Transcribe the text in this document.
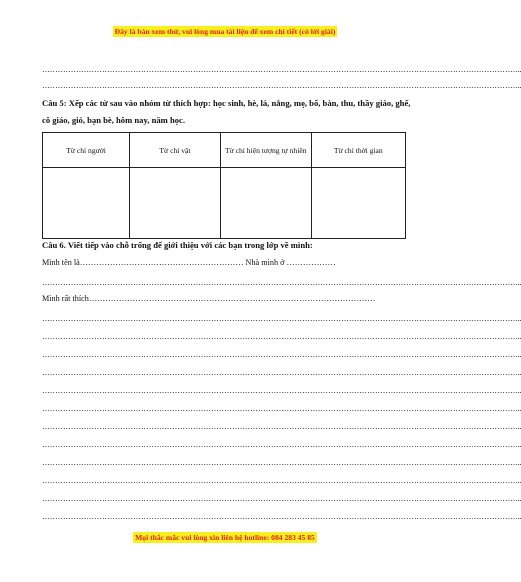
Đây là bản xem thử, vui lòng mua tài liệu để xem chi tiết (có lời giải)
…………………………………………………………………………………………………………………………………………………………………..
…………………………………………………………………………………………………………………………………………………………………..
Câu 5: Xếp các từ sau vào nhóm từ thích hợp: học sinh, hè, lá, nắng, mẹ, bố, bàn, thu, thầy giáo, ghế, cô giáo, gió, bạn bè, hôm nay, năm học.
Từ chỉ người	Từ chỉ vật	Từ chỉ hiện tượng tự nhiên	Từ chỉ thời gian

Câu 6. Viết tiếp vào chỗ trống để giới thiệu với các bạn trong lớp về mình:
Mình tên là…………………………………………………… Nhà mình ở ………………
…………………………………………………………………………………………………………………………………………………………………..
Mình rất thích……………………………………………………………………………………………
…………………………………………………………………………………………………………………………………………………………………..
…………………………………………………………………………………………………………………………………………………………………..
…………………………………………………………………………………………………………………………………………………………………..
…………………………………………………………………………………………………………………………………………………………………..
…………………………………………………………………………………………………………………………………………………………………..
…………………………………………………………………………………………………………………………………………………………………..
…………………………………………………………………………………………………………………………………………………………………..
…………………………………………………………………………………………………………………………………………………………………..
…………………………………………………………………………………………………………………………………………………………………..
…………………………………………………………………………………………………………………………………………………………………..
…………………………………………………………………………………………………………………………………………………………………..
…………………………………………………………………………………………………………………………………………………………………..
Mọi thắc mắc vui lòng xin liên hệ hotline: 084 283 45 85
